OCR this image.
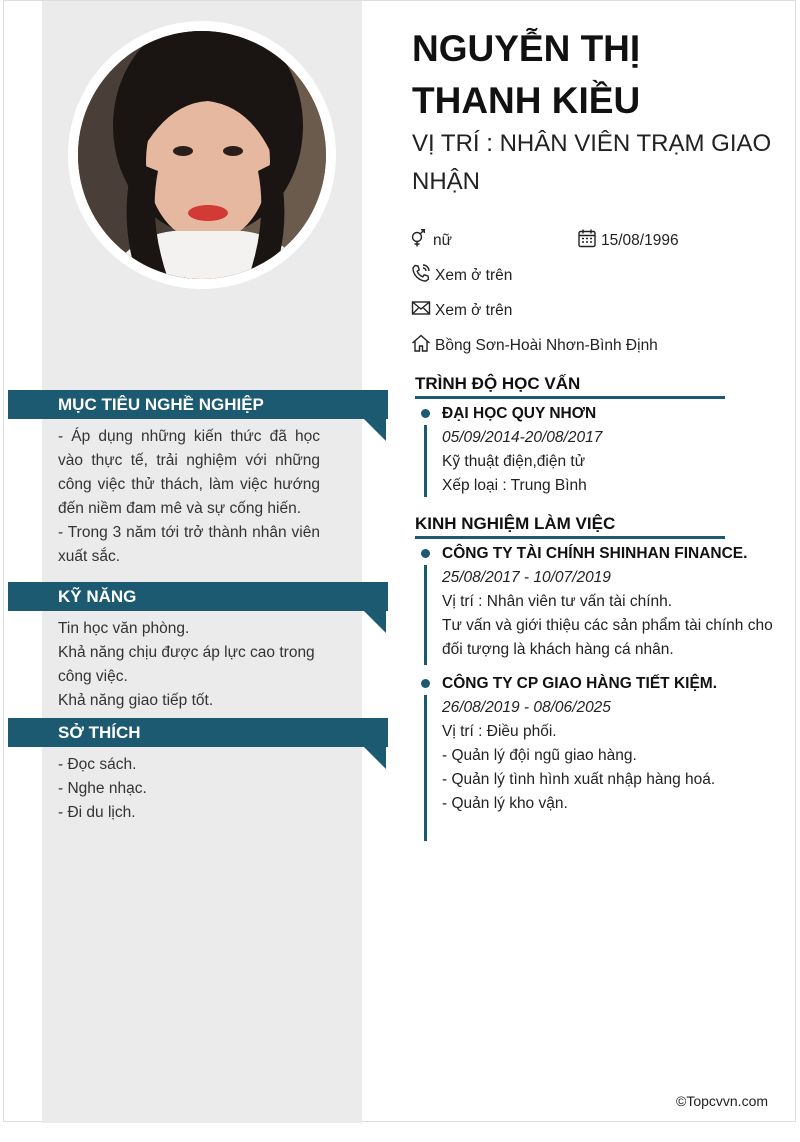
MỤC TIÊU NGHỀ NGHIỆP

- Áp dụng những kiến thức đã học vào thực tế, trải nghiệm với những công việc thử thách, làm việc hướng đến niềm đam mê và sự cống hiến.

- Trong 3 năm tới trở thành nhân viên xuất sắc.

KỸ NĂNG

Tin học văn phòng.

Khả năng chịu được áp lực cao trong công việc.

Khả năng giao tiếp tốt.

SỞ THÍCH

- Đọc sách.

- Nghe nhạc.

- Đi du lịch.

NGUYỄN THỊ
THANH KIỀU
VỊ TRÍ : NHÂN VIÊN TRẠM GIAO NHẬN
nữ	15/08/1996
Xem ở trên
Xem ở trên
Bồng Sơn-Hoài Nhơn-Bình Định
TRÌNH ĐỘ HỌC VẤN

ĐẠI HỌC QUY NHƠN

05/09/2014-20/08/2017

Kỹ thuật điện,điện tử

Xếp loại : Trung Bình

KINH NGHIỆM LÀM VIỆC

CÔNG TY TÀI CHÍNH SHINHAN FINANCE.

25/08/2017 - 10/07/2019

Vị trí : Nhân viên tư vấn tài chính.

Tư vấn và giới thiệu các sản phẩm tài chính cho đối tượng là khách hàng cá nhân.

CÔNG TY CP GIAO HÀNG TIẾT KIỆM.

26/08/2019 - 08/06/2025

Vị trí : Điều phối.

- Quản lý đội ngũ giao hàng.

- Quản lý tình hình xuất nhập hàng hoá.

- Quản lý kho vận.

©Topcvvn.com
